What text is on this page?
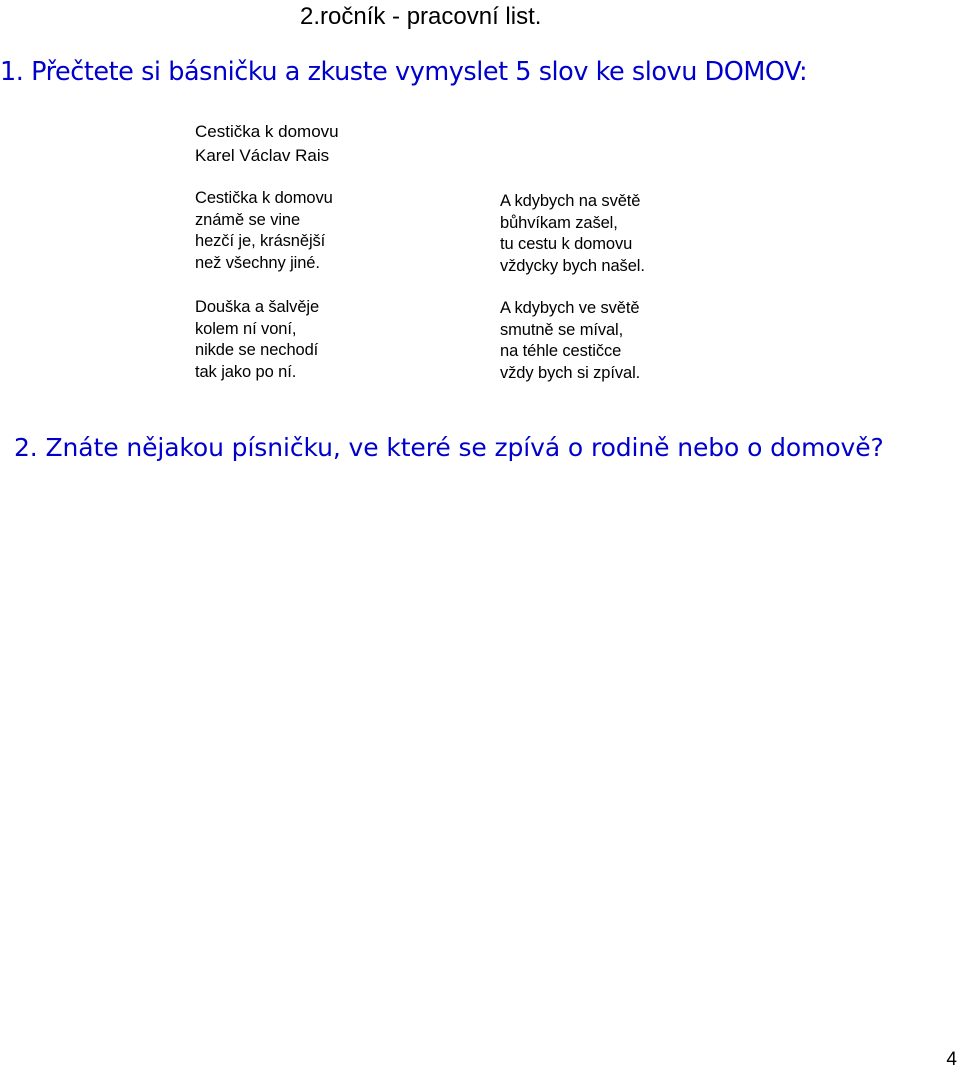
2.ročník - pracovní list.
1. Přečtete si básničku a zkuste vymyslet 5 slov ke slovu DOMOV:
Cestička k domovu
Karel Václav Rais
Cestička k domovu
známě se vine
hezčí je, krásnější
než všechny jiné.
Douška a šalvěje
kolem ní voní,
nikde se nechodí
tak jako po ní.
A kdybych na světě
bůhvíkam zašel,
tu cestu k domovu
vždycky bych našel.
A kdybych ve světě
smutně se míval,
na téhle cestičce
vždy bych si zpíval.
2. Znáte nějakou písničku, ve které se zpívá o rodině nebo o domově?
4
